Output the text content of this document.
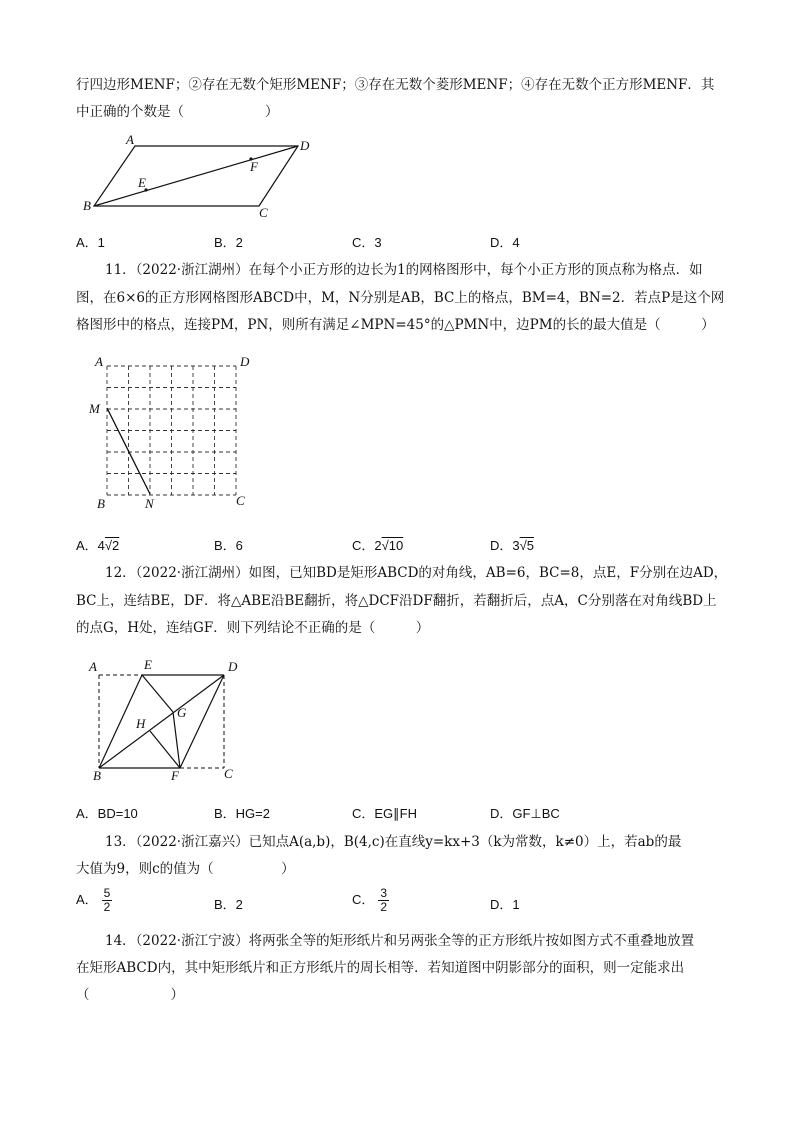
行四边形MENF；②存在无数个矩形MENF；③存在无数个菱形MENF；④存在无数个正方形MENF．其
中正确的个数是（　　　　　　）
A	D
B	C
E
F
A．1	B．2	C．3	D．4
11．（2022·浙江湖州）在每个小正方形的边长为1的网格图形中，每个小正方形的顶点称为格点．如
图，在6×6的正方形网格图形ABCD中，M，N分别是AB，BC上的格点，BM=4，BN=2．若点P是这个网
格图形中的格点，连接PM，PN，则所有满足∠MPN=45°的△PMN中，边PM的长的最大值是（　　　）
A	D
M
B	N	C
A．4√2	B．6	C．2√10	D．3√5
12．（2022·浙江湖州）如图，已知BD是矩形ABCD的对角线，AB=6，BC=8，点E，F分别在边AD，
BC上，连结BE，DF．将△ABE沿BE翻折，将△DCF沿DF翻折，若翻折后，点A，C分别落在对角线BD上
的点G，H处，连结GF．则下列结论不正确的是（　　　）
A	E	D
H
G
B	F	C
A．BD=10	B．HG=2	C．EG∥FH	D．GF⊥BC
13．（2022·浙江嘉兴）已知点A(a,b)，B(4,c)在直线y=kx+3（k为常数，k≠0）上，若ab的最
大值为9，则c的值为（　　　　　）
A． $\frac{5}{2}$	B．2	C． $\frac{3}{2}$	D．1
14．（2022·浙江宁波）将两张全等的矩形纸片和另两张全等的正方形纸片按如图方式不重叠地放置
在矩形ABCD内，其中矩形纸片和正方形纸片的周长相等．若知道图中阴影部分的面积，则一定能求出
（　　　　　　）
